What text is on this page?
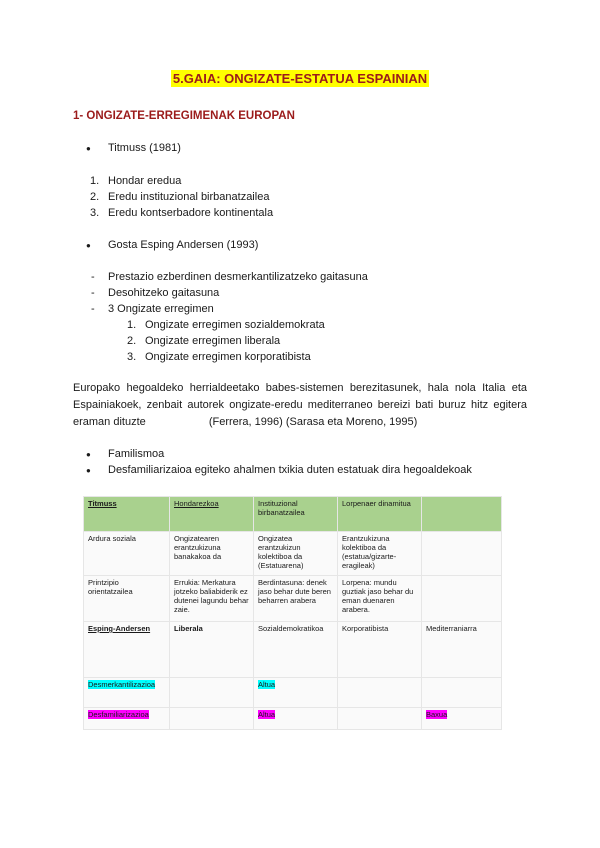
5.GAIA: ONGIZATE-ESTATUA ESPAINIAN
1- ONGIZATE-ERREGIMENAK EUROPAN
● Titmuss (1981)
1. Hondar eredua
2. Eredu instituzional birbanatzailea
3. Eredu kontserbadore kontinentala
● Gosta Esping Andersen (1993)
- Prestazio ezberdinen desmerkantilizatzeko gaitasuna
- Desohitzeko gaitasuna
- 3 Ongizate erregimen
1. Ongizate erregimen sozialdemokrata
2. Ongizate erregimen liberala
3. Ongizate erregimen korporatibista
Europako hegoaldeko herrialdeetako babes-sistemen berezitasunek, hala nola Italia eta Espainiakoek, zenbait autorek ongizate-eredu mediterraneo bereizi bati buruz hitz egitera eraman dituzte	(Ferrera, 1996) (Sarasa eta Moreno, 1995)
● Familismoa
● Desfamiliarizaioa egiteko ahalmen txikia duten estatuak dira hegoaldekoak
Titmuss	Hondarezkoa	Instituzional birbanatzailea	Lorpenaer dinamitua	
Ardura soziala	Ongizatearen erantzukizuna banakakoa da	Ongizatea erantzukizun kolektiboa da (Estatuarena)	Erantzukizuna kolektiboa da (estatua/gizarte-eragileak)	
Printzipio orientatzailea	Errukia: Merkatura jotzeko baliabiderik ez dutenei lagundu behar zaie.	Berdintasuna: denek jaso behar dute beren beharren arabera	Lorpena: mundu guztiak jaso behar du eman duenaren arabera.	
Esping-Andersen	Liberala	Sozialdemokratikoa	Korporatibista	Mediterraniarra
Desmerkantilizazioa		Altua		
Desfamiliarizazioa		Altua		Baxua
